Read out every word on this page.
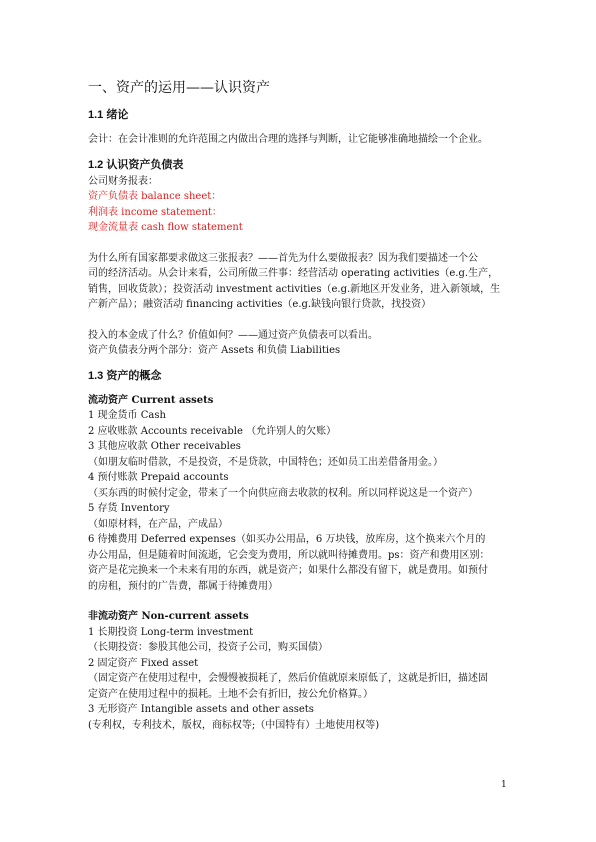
一、资产的运用——认识资产
1.1 绪论

会计：在会计准则的允许范围之内做出合理的选择与判断，让它能够准确地描绘一个企业。

1.2 认识资产负债表

公司财务报表：

资产负债表 balance sheet：

利润表 income statement：

现金流量表 cash flow statement

为什么所有国家都要求做这三张报表？——首先为什么要做报表？因为我们要描述一个公

司的经济活动。从会计来看，公司所做三件事：经营活动 operating activities（e.g.生产，

销售，回收货款）；投资活动 investment activities（e.g.新地区开发业务，进入新领域，生

产新产品）；融资活动 financing activities（e.g.缺钱向银行贷款，找投资）

投入的本金成了什么？价值如何？——通过资产负债表可以看出。

资产负债表分两个部分：资产 Assets 和负债 Liabilities

1.3 资产的概念

流动资产 Current assets

1 现金货币 Cash

2 应收账款 Accounts receivable （允许别人的欠账）

3 其他应收款 Other receivables

（如朋友临时借款，不是投资，不是贷款，中国特色；还如员工出差借备用金。）

4 预付账款 Prepaid accounts

（买东西的时候付定金，带来了一个向供应商去收款的权利。所以同样说这是一个资产）

5 存货 Inventory

（如原材料，在产品，产成品）

6 待摊费用 Deferred expenses（如买办公用品，6 万块钱，放库房，这个换来六个月的

办公用品，但是随着时间流逝，它会变为费用，所以就叫待摊费用。ps：资产和费用区别：

资产是花完换来一个未来有用的东西，就是资产；如果什么都没有留下，就是费用。如预付

的房租，预付的广告费，都属于待摊费用）

非流动资产 Non-current assets

1 长期投资 Long-term investment

（长期投资：参股其他公司，投资子公司，购买国债）

2 固定资产 Fixed asset

（固定资产在使用过程中，会慢慢被损耗了，然后价值就原来原低了，这就是折旧，描述固

定资产在使用过程中的损耗。土地不会有折旧，按公允价格算。）

3 无形资产 Intangible assets and other assets

(专利权，专利技术，版权，商标权等;（中国特有）土地使用权等)

1
